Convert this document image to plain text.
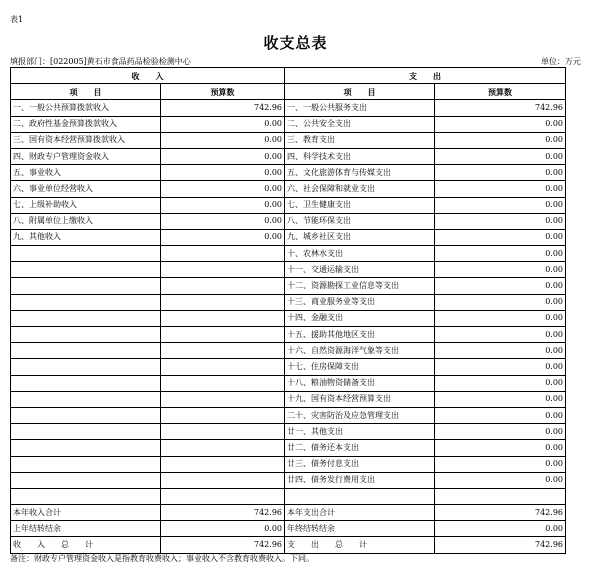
表1
收支总表
填报部门：[022005]黄石市食品药品检验检测中心	单位：万元
收　　入		支　　出	
项　　目	预算数	项　　目	预算数
一、一般公共预算拨款收入	742.96	一、一般公共服务支出	742.96
二、政府性基金预算拨款收入	0.00	二、公共安全支出	0.00
三、国有资本经营预算拨款收入	0.00	三、教育支出	0.00
四、财政专户管理资金收入	0.00	四、科学技术支出	0.00
五、事业收入	0.00	五、文化旅游体育与传媒支出	0.00
六、事业单位经营收入	0.00	六、社会保障和就业支出	0.00
七、上级补助收入	0.00	七、卫生健康支出	0.00
八、附属单位上缴收入	0.00	八、节能环保支出	0.00
九、其他收入	0.00	九、城乡社区支出	0.00
		十、农林水支出	0.00
		十一、交通运输支出	0.00
		十二、资源勘探工业信息等支出	0.00
		十三、商业服务业等支出	0.00
		十四、金融支出	0.00
		十五、援助其他地区支出	0.00
		十六、自然资源海洋气象等支出	0.00
		十七、住房保障支出	0.00
		十八、粮油物资储备支出	0.00
		十九、国有资本经营预算支出	0.00
		二十、灾害防治及应急管理支出	0.00
		廿一、其他支出	0.00
		廿二、债务还本支出	0.00
		廿三、债务付息支出	0.00
		廿四、债务发行费用支出	0.00

本年收入合计	742.96	本年支出合计	742.96
上年结转结余	0.00	年终结转结余	0.00
收　　入　　总　　计	742.96	支　　出　　总　　计	742.96
备注：财政专户管理资金收入是指教育收费收入；事业收入不含教育收费收入。下同。
